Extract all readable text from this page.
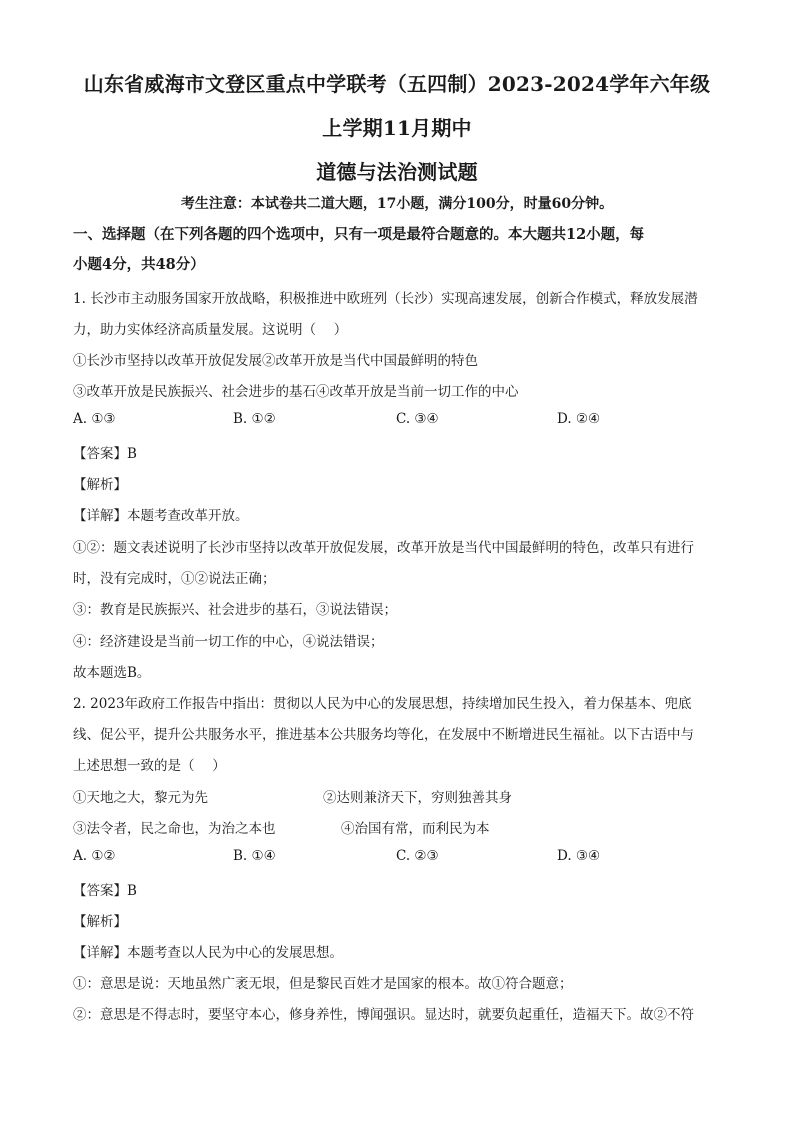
山东省威海市文登区重点中学联考（五四制）2023-2024学年六年级
上学期11月期中
道德与法治测试题
考生注意：本试卷共二道大题，17小题，满分100分，时量60分钟。
一、选择题（在下列各题的四个选项中，只有一项是最符合题意的。本大题共12小题，每
小题4分，共48分）
1. 长沙市主动服务国家开放战略，积极推进中欧班列（长沙）实现高速发展，创新合作模式，释放发展潜
力，助力实体经济高质量发展。这说明（　 ）
①长沙市坚持以改革开放促发展②改革开放是当代中国最鲜明的特色
③改革开放是民族振兴、社会进步的基石④改革开放是当前一切工作的中心
A. ①③	B. ①②	C. ③④	D. ②④
【答案】B
【解析】
【详解】本题考查改革开放。
①②：题文表述说明了长沙市坚持以改革开放促发展，改革开放是当代中国最鲜明的特色，改革只有进行
时，没有完成时，①②说法正确；
③：教育是民族振兴、社会进步的基石，③说法错误；
④：经济建设是当前一切工作的中心，④说法错误；
故本题选B。
2. 2023年政府工作报告中指出：贯彻以人民为中心的发展思想，持续增加民生投入，着力保基本、兜底
线、促公平，提升公共服务水平，推进基本公共服务均等化，在发展中不断增进民生福祉。以下古语中与
上述思想一致的是（　 ）
①天地之大，黎元为先	②达则兼济天下，穷则独善其身
③法令者，民之命也，为治之本也	④治国有常，而利民为本
A. ①②	B. ①④	C. ②③	D. ③④
【答案】B
【解析】
【详解】本题考查以人民为中心的发展思想。
①：意思是说：天地虽然广袤无垠，但是黎民百姓才是国家的根本。故①符合题意；
②：意思是不得志时，要坚守本心，修身养性，博闻强识。显达时，就要负起重任，造福天下。故②不符
